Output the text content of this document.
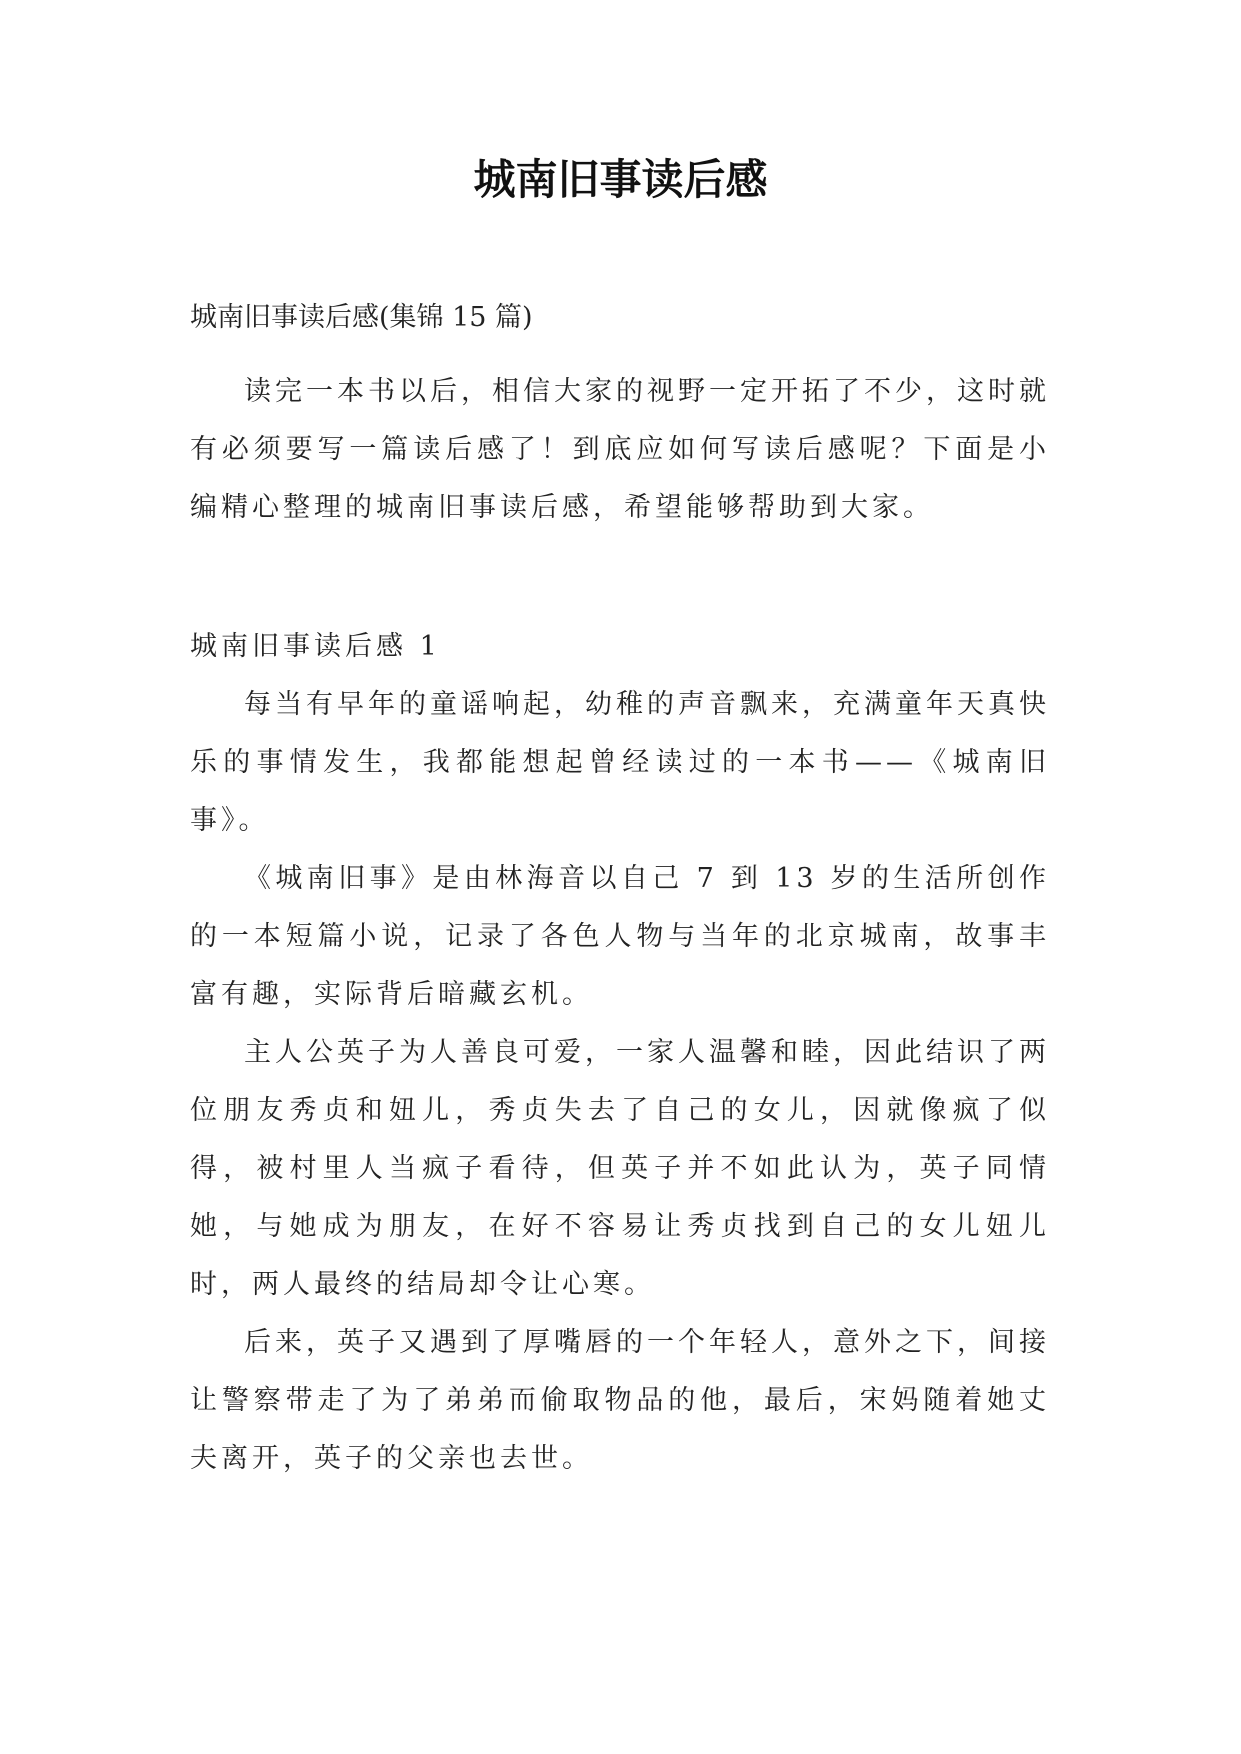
城南旧事读后感

城南旧事读后感(集锦 15 篇)

读完一本书以后，相信大家的视野一定开拓了不少，这时就有必须要写一篇读后感了！到底应如何写读后感呢？下面是小编精心整理的城南旧事读后感，希望能够帮助到大家。

城南旧事读后感 1

每当有早年的童谣响起，幼稚的声音飘来，充满童年天真快乐的事情发生，我都能想起曾经读过的一本书——《城南旧事》。

《城南旧事》是由林海音以自己 7 到 13 岁的生活所创作的一本短篇小说，记录了各色人物与当年的北京城南，故事丰富有趣，实际背后暗藏玄机。

主人公英子为人善良可爱，一家人温馨和睦，因此结识了两位朋友秀贞和妞儿，秀贞失去了自己的女儿，因就像疯了似得，被村里人当疯子看待，但英子并不如此认为，英子同情她，与她成为朋友，在好不容易让秀贞找到自己的女儿妞儿时，两人最终的结局却令让心寒。

后来，英子又遇到了厚嘴唇的一个年轻人，意外之下，间接让警察带走了为了弟弟而偷取物品的他，最后，宋妈随着她丈夫离开，英子的父亲也去世。
